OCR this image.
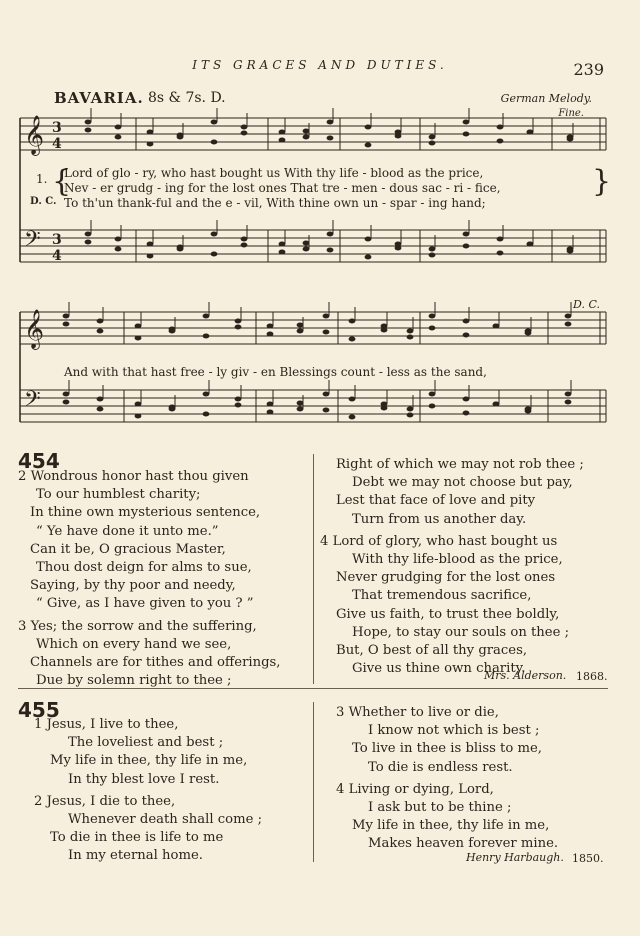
ITS GRACES AND DUTIES.	239
BAVARIA. 8s & 7s. D.	German Melody.
Fine.
D. C.
𝄞
𝄢
𝄞
𝄢
3
4
3
4
1. {
Lord of glo - ry, who hast bought us With thy life - blood as the price,
Nev - er grudg - ing for the lost ones That tre - men - dous sac - ri - fice,	}
D. C. To th'un thank-ful and the e - vil, With thine own un - spar - ing hand;
And with that hast free - ly giv - en Blessings count - less as the sand,
454
2 Wondrous honor hast thou given
To our humblest charity;
In thine own mysterious sentence,
“ Ye have done it unto me.”
Can it be, O gracious Master,
Thou dost deign for alms to sue,
Saying, by thy poor and needy,
“ Give, as I have given to you ? ”
3 Yes; the sorrow and the suffering,
Which on every hand we see,
Channels are for tithes and offerings,
Due by solemn right to thee ;
Right of which we may not rob thee ;
Debt we may not choose but pay,
Lest that face of love and pity
Turn from us another day.
4 Lord of glory, who hast bought us
With thy life-blood as the price,
Never grudging for the lost ones
That tremendous sacrifice,
Give us faith, to trust thee boldly,
Hope, to stay our souls on thee ;
But, O best of all thy graces,
Give us thine own charity.
Mrs. Alderson. 1868.
455
1 Jesus, I live to thee,
The loveliest and best ;
My life in thee, thy life in me,
In thy blest love I rest.
2 Jesus, I die to thee,
Whenever death shall come ;
To die in thee is life to me
In my eternal home.
3 Whether to live or die,
I know not which is best ;
To live in thee is bliss to me,
To die is endless rest.
4 Living or dying, Lord,
I ask but to be thine ;
My life in thee, thy life in me,
Makes heaven forever mine.
Henry Harbaugh. 1850.
